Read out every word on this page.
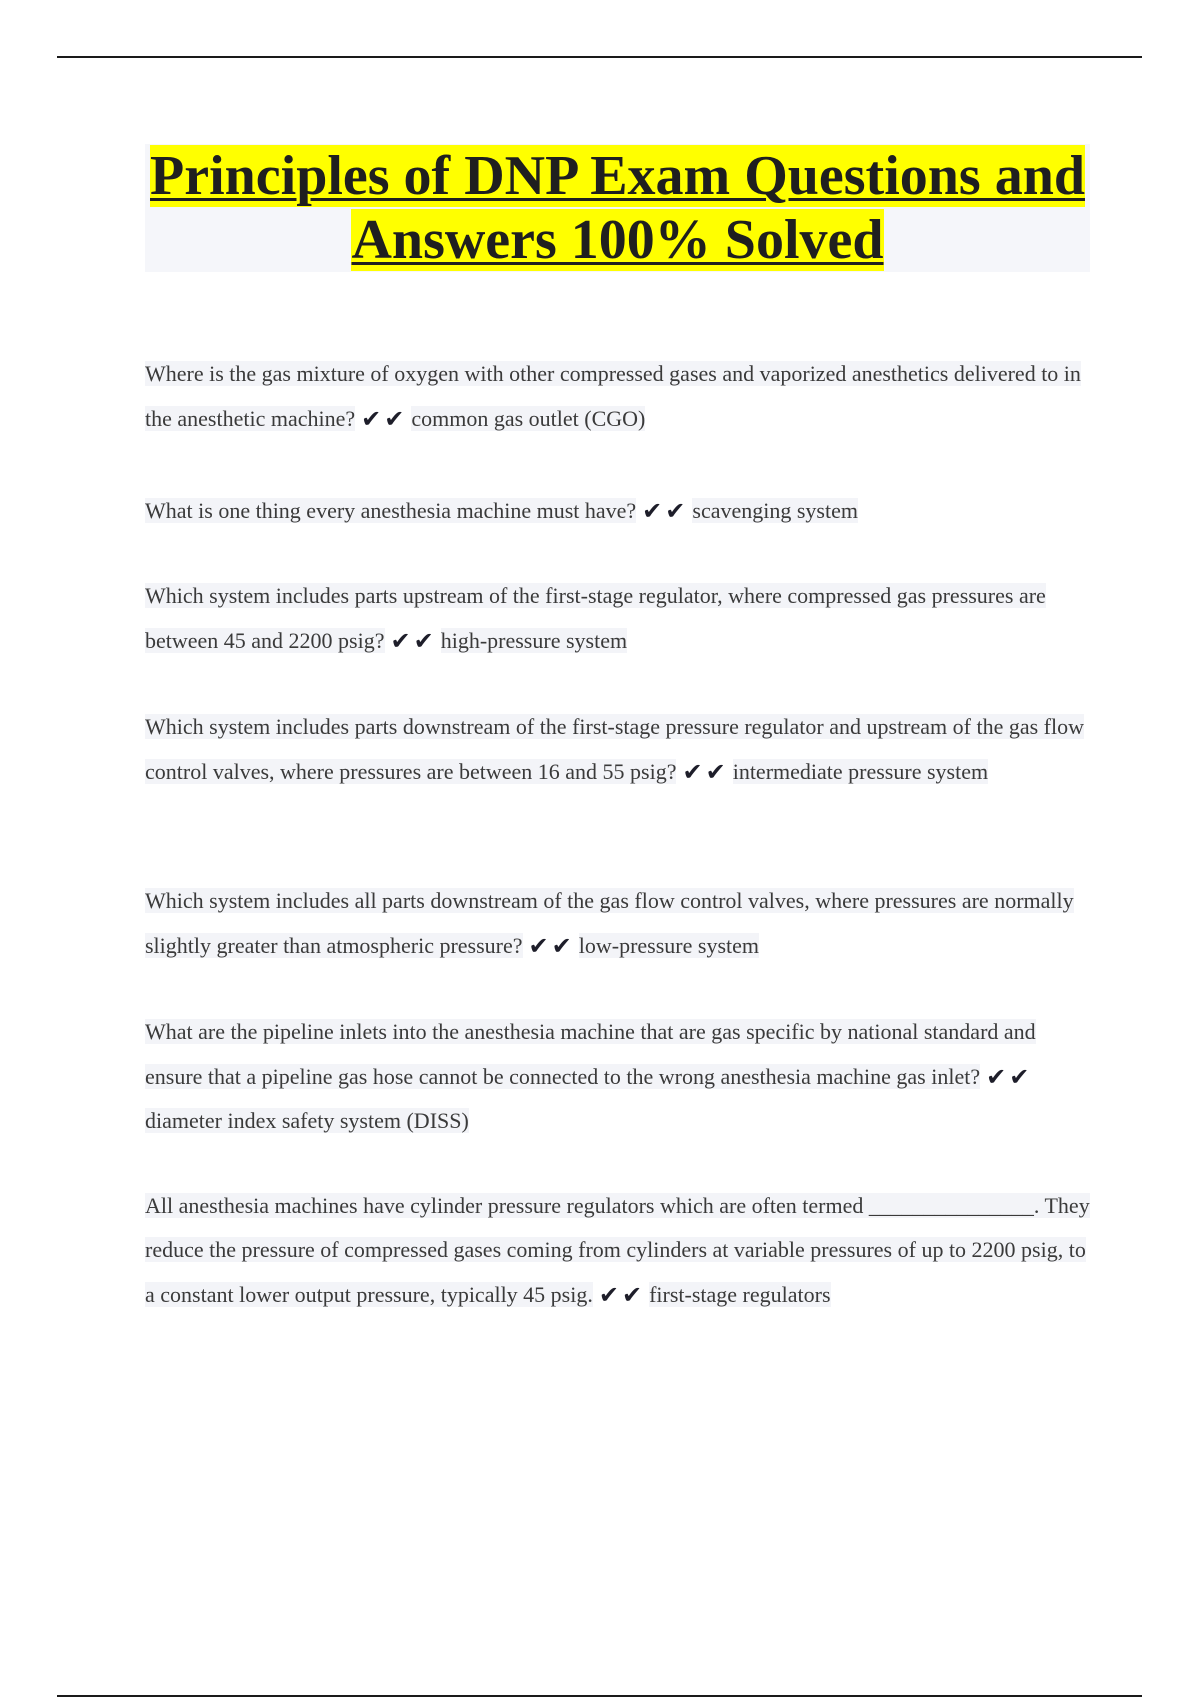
Principles of DNP Exam Questions and
Answers 100% Solved
Where is the gas mixture of oxygen with other compressed gases and vaporized anesthetics delivered to in the anesthetic machine? ✔ ✔ common gas outlet (CGO)
What is one thing every anesthesia machine must have? ✔ ✔ scavenging system
Which system includes parts upstream of the first-stage regulator, where compressed gas pressures are between 45 and 2200 psig? ✔ ✔ high-pressure system
Which system includes parts downstream of the first-stage pressure regulator and upstream of the gas flow control valves, where pressures are between 16 and 55 psig? ✔ ✔ intermediate pressure system
Which system includes all parts downstream of the gas flow control valves, where pressures are normally slightly greater than atmospheric pressure? ✔ ✔ low-pressure system
What are the pipeline inlets into the anesthesia machine that are gas specific by national standard and ensure that a pipeline gas hose cannot be connected to the wrong anesthesia machine gas inlet? ✔ ✔diameter index safety system (DISS)
All anesthesia machines have cylinder pressure regulators which are often termed _______________. They reduce the pressure of compressed gases coming from cylinders at variable pressures of up to 2200 psig, to a constant lower output pressure, typically 45 psig. ✔ ✔ first-stage regulators
